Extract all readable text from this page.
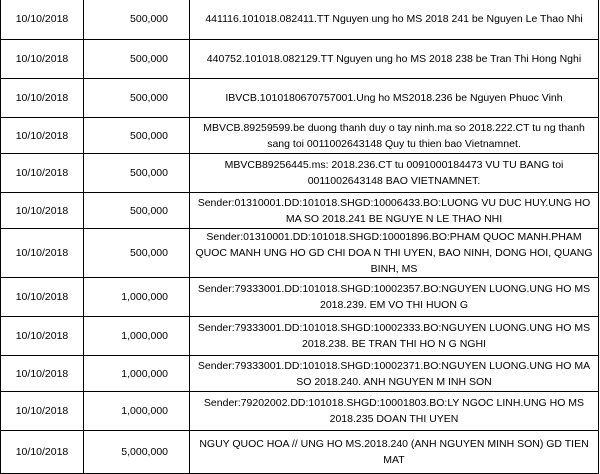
10/10/2018	500,000	441116.101018.082411.TT Nguyen ung ho MS 2018 241 be Nguyen Le Thao Nhi
10/10/2018	500,000	440752.101018.082129.TT Nguyen ung ho MS 2018 238 be Tran Thi Hong Nghi
10/10/2018	500,000	IBVCB.1010180670757001.Ung ho MS2018.236 be Nguyen Phuoc Vinh
10/10/2018	500,000	MBVCB.89259599.be duong thanh duy o tay ninh.ma so 2018.222.CT tu ng thanh sang toi 0011002643148 Quy tu thien bao Vietnamnet.
10/10/2018	500,000	MBVCB89256445.ms: 2018.236.CT tu 0091000184473 VU TU BANG toi 0011002643148 BAO VIETNAMNET.
10/10/2018	500,000	Sender:01310001.DD:101018.SHGD:10006433.BO:LUONG VU DUC HUY.UNG HO MA SO 2018.241 BE NGUYE N LE THAO NHI
10/10/2018	500,000	Sender:01310001.DD:101018.SHGD:10001896.BO:PHAM QUOC MANH.PHAM QUOC MANH UNG HO GD CHI DOA N THI UYEN, BAO NINH, DONG HOI, QUANG BINH, MS
10/10/2018	1,000,000	Sender:79333001.DD:101018.SHGD:10002357.BO:NGUYEN LUONG.UNG HO MS 2018.239. EM VO THI HUON G
10/10/2018	1,000,000	Sender:79333001.DD:101018.SHGD:10002333.BO:NGUYEN LUONG.UNG HO MS 2018.238. BE TRAN THI HO N G NGHI
10/10/2018	1,000,000	Sender:79333001.DD:101018.SHGD:10002371.BO:NGUYEN LUONG.UNG HO MA SO 2018.240. ANH NGUYEN M INH SON
10/10/2018	1,000,000	Sender:79202002.DD:101018.SHGD:10001803.BO:LY NGOC LINH.UNG HO MS 2018.235 DOAN THI UYEN
10/10/2018	5,000,000	NGUY QUOC HOA // UNG HO MS.2018.240 (ANH NGUYEN MINH SON) GD TIEN MAT
